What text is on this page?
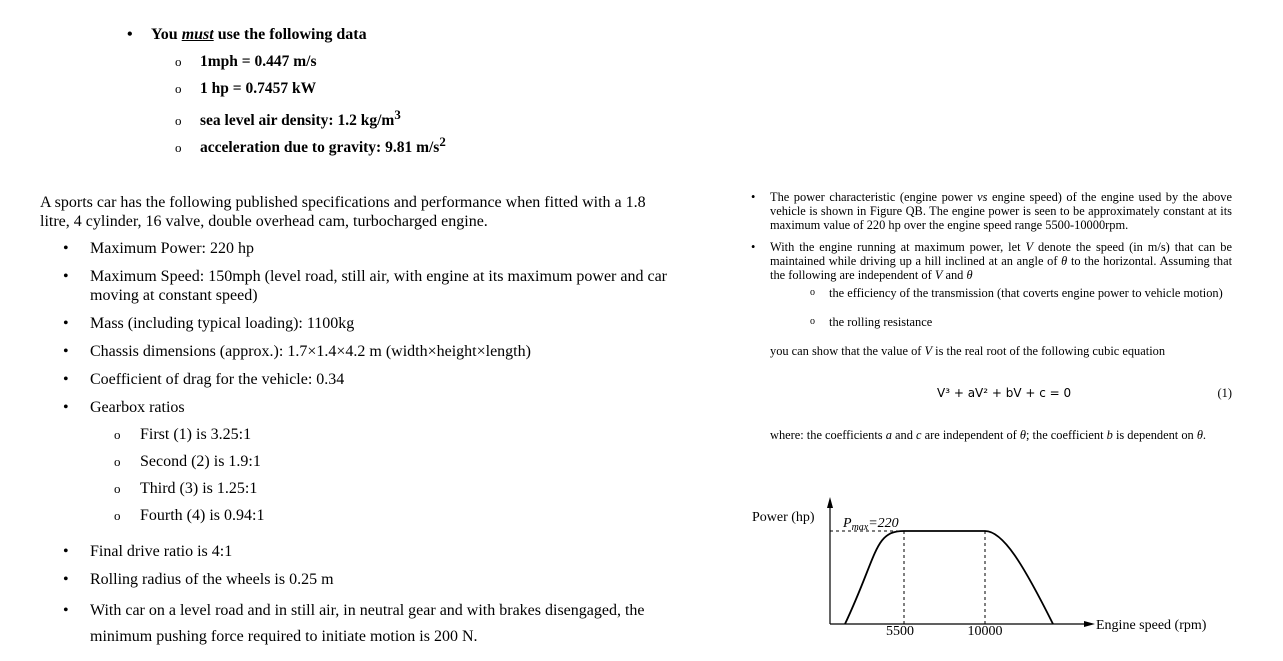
•	You must use the following data
o	1mph = 0.447 m/s
o	1 hp = 0.7457 kW
o	sea level air density: 1.2 $kg/m^3$
o	acceleration due to gravity: 9.81 $m/s^2$

A sports car has the following published specifications and performance when fitted with a 1.8 litre, 4 cylinder, 16 valve, double overhead cam, turbocharged engine.

• Maximum Power: 220 hp
• Maximum Speed: 150mph (level road, still air, with engine at its maximum power and car moving at constant speed)
• Mass (including typical loading): 1100kg
• Chassis dimensions (approx.): 1.7×1.4×4.2 m (width×height×length)
• Coefficient of drag for the vehicle: 0.34
• Gearbox ratios
o First (1) is 3.25:1
o Second (2) is 1.9:1
o Third (3) is 1.25:1
o Fourth (4) is 0.94:1
• Final drive ratio is 4:1
• Rolling radius of the wheels is 0.25 m
• With car on a level road and in still air, in neutral gear and with brakes disengaged, the minimum pushing force required to initiate motion is 200 N.
• The power characteristic (engine power vs engine speed) of the engine used by the above vehicle is shown in Figure QB. The engine power is seen to be approximately constant at its maximum value of 220 hp over the engine speed range 5500-10000rpm.
• With the engine running at maximum power, let V denote the speed (in m/s) that can be maintained while driving up a hill inclined at an angle of θ to the horizontal. Assuming that the following are independent of V and θ
o the efficiency of the transmission (that coverts engine power to vehicle motion)
o the rolling resistance
you can show that the value of V is the real root of the following cubic equation
V³ + aV² + bV + c = 0	(1)
where: the coefficients a and c are independent of θ; the coefficient b is dependent on θ.
Power (hp)
Engine speed (rpm)
$P_{max}=220$
5500	10000
